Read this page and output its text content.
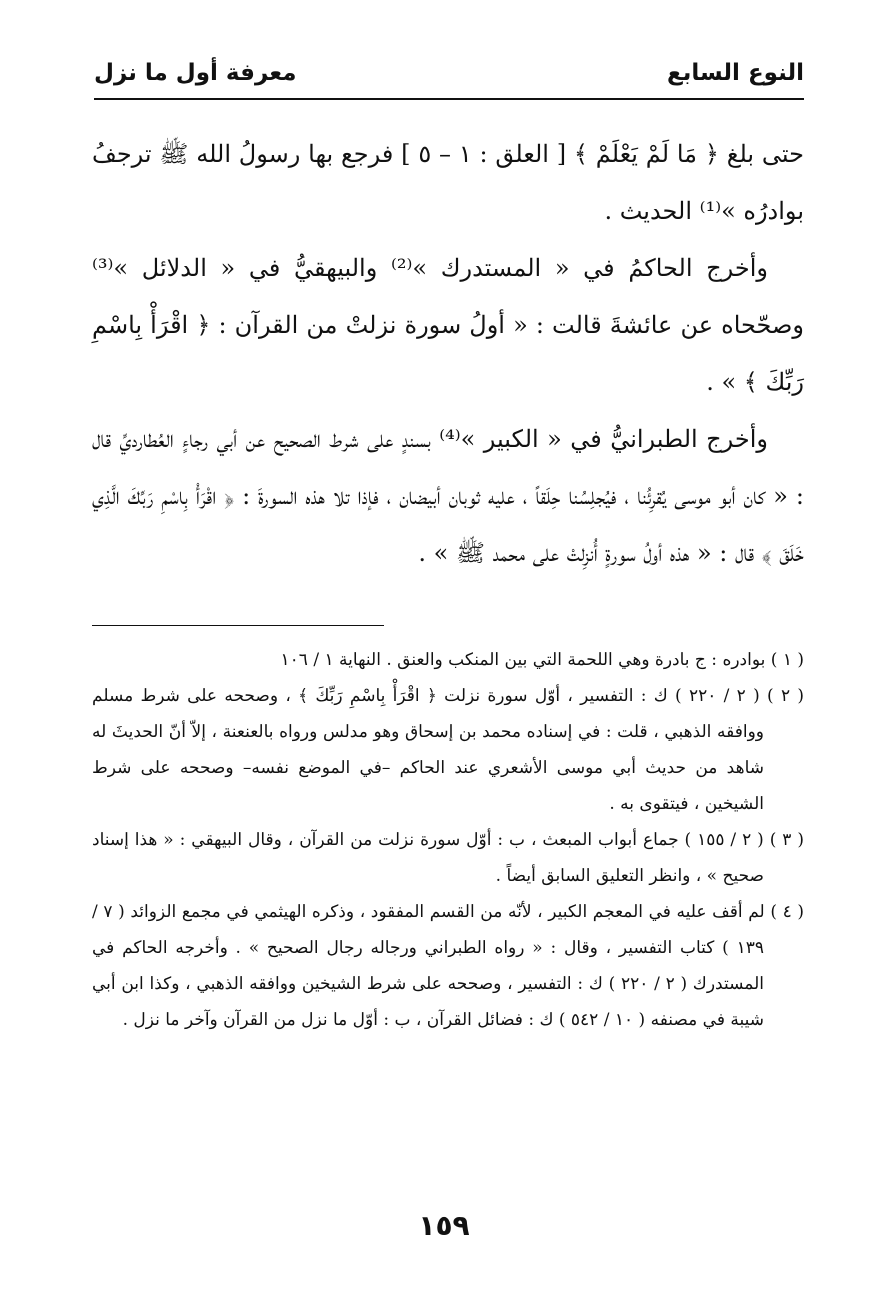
النوع السابع
معرفة أول ما نزل

حتى بلغ ﴿ مَا لَمْ يَعْلَمْ ﴾ [ العلق : ١ – ٥ ] فرجع بها رسولُ الله ﷺ ترجفُ بوادرُه »⁽¹⁾ الحديث .

وأخرج الحاكمُ في « المستدرك »⁽²⁾ والبيهقيُّ في « الدلائل »⁽³⁾ وصحّحاه عن عائشةَ قالت : « أولُ سورة نزلتْ من القرآن : ﴿ اقْرَأْ بِاسْمِ رَبِّكَ ﴾ » .

وأخرج الطبرانيُّ في « الكبير »⁽⁴⁾ بسندٍ على شرط الصحيح عن أبي رجاءٍ العُطارديِّ قال : « كان أبو موسى يُقرِئُنا ، فيُجلِسُنا حِلَقاً ، عليه ثوبان أبيضان ، فإذا تلا هذه السورةَ : ﴿ اقْرَأْ بِاسْمِ رَبِّكَ الَّذِي خَلَقَ ﴾ قال : « هذه أولُ سورةٍ أُنزِلتْ على محمد ﷺ » .

( ١ ) بوادره : ج بادرة وهي اللحمة التي بين المنكب والعنق . النهاية ١ / ١٠٦

( ٢ ) ( ٢ / ٢٢٠ ) ك : التفسير ، أوّل سورة نزلت ﴿ اقْرَأْ بِاسْمِ رَبِّكَ ﴾ ، وصححه على شرط مسلم ووافقه الذهبي ، قلت : في إسناده محمد بن إسحاق وهو مدلس ورواه بالعنعنة ، إلاّ أنّ الحديثَ له شاهد من حديث أبي موسى الأشعري عند الحاكم –في الموضع نفسه– وصححه على شرط الشيخين ، فيتقوى به .

( ٣ ) ( ٢ / ١٥٥ ) جماع أبواب المبعث ، ب : أوّل سورة نزلت من القرآن ، وقال البيهقي : « هذا إسناد صحيح » ، وانظر التعليق السابق أيضاً .

( ٤ ) لم أقف عليه في المعجم الكبير ، لأنّه من القسم المفقود ، وذكره الهيثمي في مجمع الزوائد ( ٧ / ١٣٩ ) كتاب التفسير ، وقال : « رواه الطبراني ورجاله رجال الصحيح » . وأخرجه الحاكم في المستدرك ( ٢ / ٢٢٠ ) ك : التفسير ، وصححه على شرط الشيخين ووافقه الذهبي ، وكذا ابن أبي شيبة في مصنفه ( ١٠ / ٥٤٢ ) ك : فضائل القرآن ، ب : أوّل ما نزل من القرآن وآخر ما نزل .

١٥٩
